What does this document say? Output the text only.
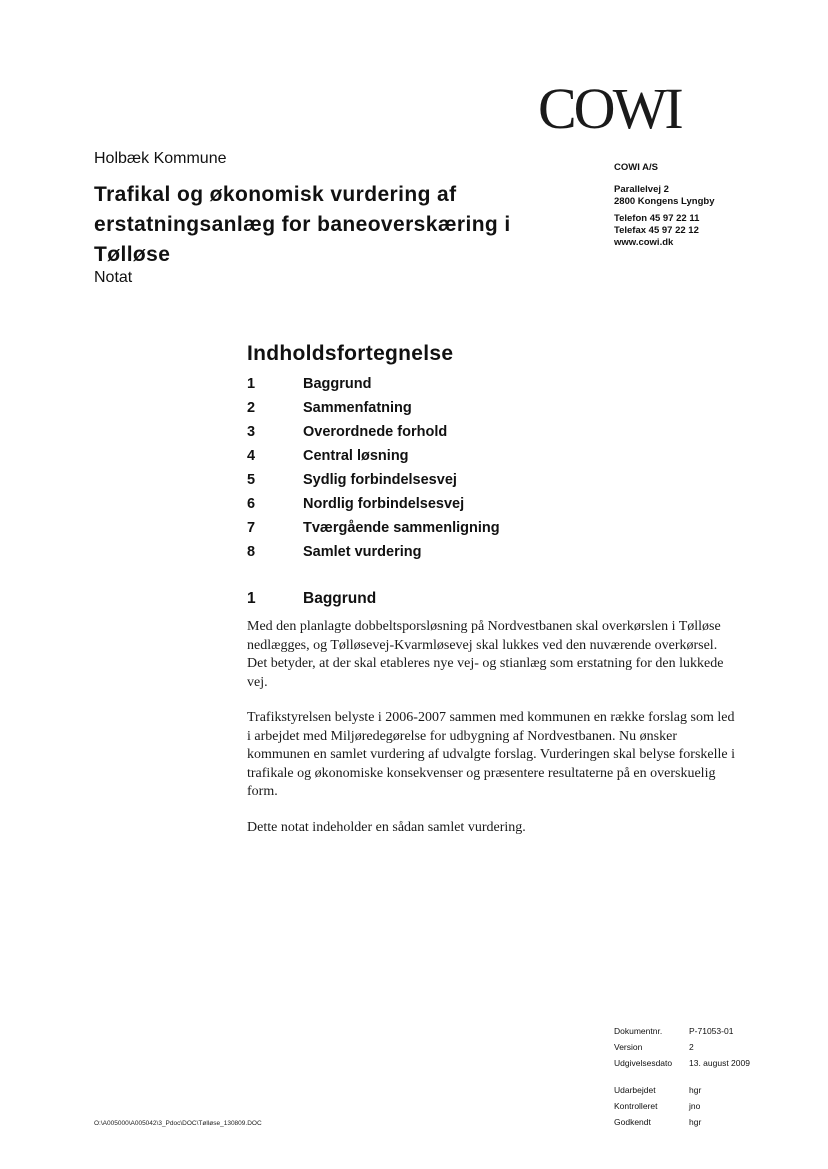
COWI
Holbæk Kommune
Trafikal og økonomisk vurdering af
erstatningsanlæg for baneoverskæring i
Tølløse
Notat
COWI A/S
Parallelvej 2
2800 Kongens Lyngby
Telefon 45 97 22 11
Telefax 45 97 22 12
www.cowi.dk
Indholdsfortegnelse
1	Baggrund
2	Sammenfatning
3	Overordnede forhold
4	Central løsning
5	Sydlig forbindelsesvej
6	Nordlig forbindelsesvej
7	Tværgående sammenligning
8	Samlet vurdering
1	Baggrund

Med den planlagte dobbeltsporsløsning på Nordvestbanen skal overkørslen i Tølløse nedlægges, og Tølløsevej-Kvarmløsevej skal lukkes ved den nuværende overkørsel. Det betyder, at der skal etableres nye vej- og stianlæg som erstatning for den lukkede vej.

Trafikstyrelsen belyste i 2006-2007 sammen med kommunen en række forslag som led i arbejdet med Miljøredegørelse for udbygning af Nordvestbanen. Nu ønsker kommunen en samlet vurdering af udvalgte forslag. Vurderingen skal belyse forskelle i trafikale og økonomiske konsekvenser og præsentere resultaterne på en overskuelig form.

Dette notat indeholder en sådan samlet vurdering.

Dokumentnr.	P-71053-01
Version	2
Udgivelsesdato 13. august 2009
Udarbejdet	hgr
Kontrolleret	jno
Godkendt	hgr
O:\A005000\A005042\3_Pdoc\DOC\Tølløse_130809.DOC
